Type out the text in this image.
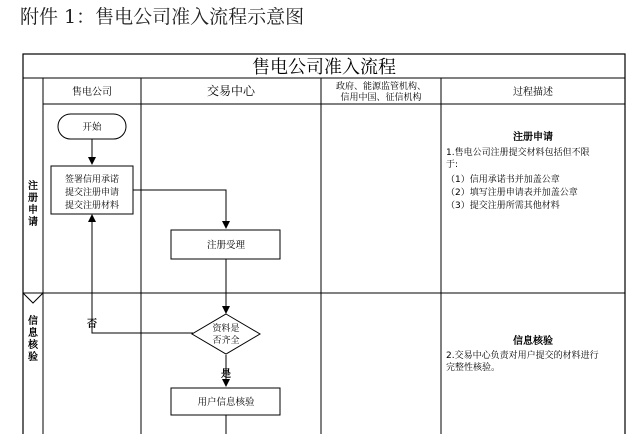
附件 1：售电公司准入流程示意图
售电公司准入流程
售电公司	交易中心	政府、能源监管机构、
信用中国、征信机构	过程描述
注
册
申
请
信
息
核
验
开始
签署信用承诺
提交注册申请
提交注册材料
注册受理
资料是
否齐全
用户信息核验
否
是
注册申请
1.售电公司注册提交材料包括但不限
于:
（1）信用承诺书并加盖公章
（2）填写注册申请表并加盖公章
（3）提交注册所需其他材料
信息核验
2.交易中心负责对用户提交的材料进行
完整性核验。
